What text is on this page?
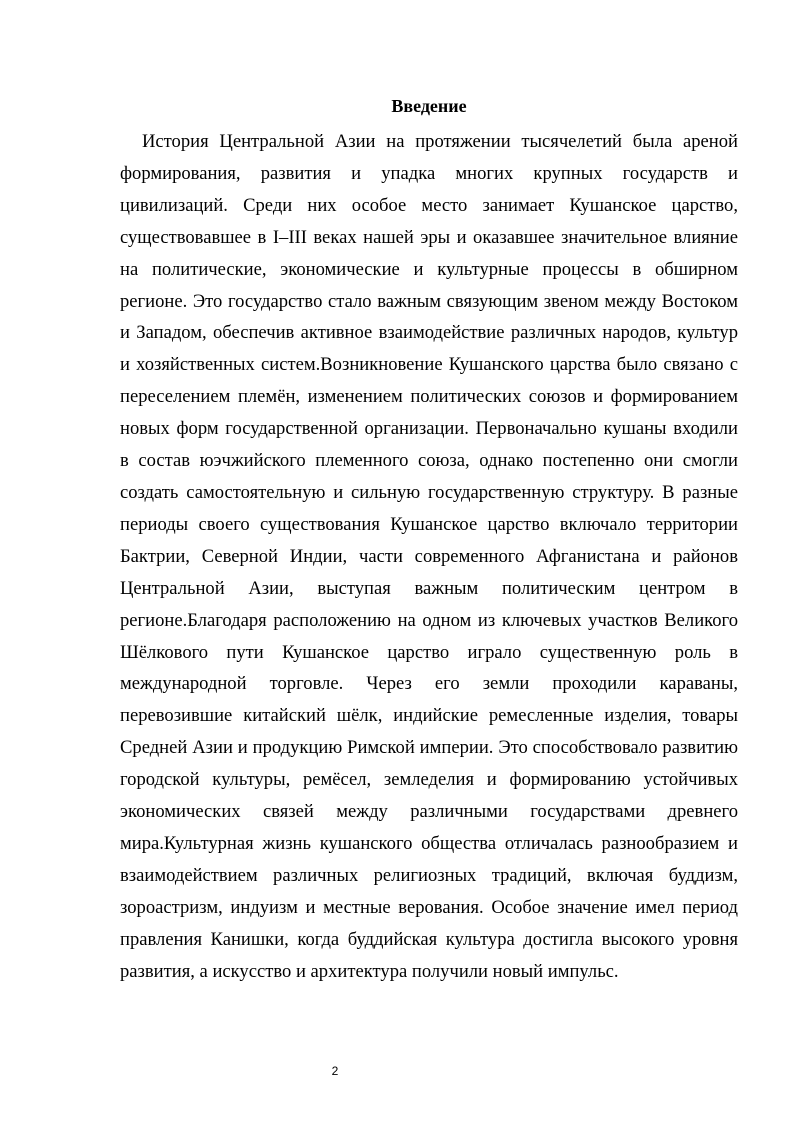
Введение

История Центральной Азии на протяжении тысячелетий была ареной формирования, развития и упадка многих крупных государств и цивилизаций. Среди них особое место занимает Кушанское царство, существовавшее в I–III веках нашей эры и оказавшее значительное влияние на политические, экономические и культурные процессы в обширном регионе. Это государство стало важным связующим звеном между Востоком и Западом, обеспечив активное взаимодействие различных народов, культур и хозяйственных систем.Возникновение Кушанского царства было связано с переселением племён, изменением политических союзов и формированием новых форм государственной организации. Первоначально кушаны входили в состав юэчжийского племенного союза, однако постепенно они смогли создать самостоятельную и сильную государственную структуру. В разные периоды своего существования Кушанское царство включало территории Бактрии, Северной Индии, части современного Афганистана и районов Центральной Азии, выступая важным политическим центром в регионе.Благодаря расположению на одном из ключевых участков Великого Шёлкового пути Кушанское царство играло существенную роль в международной торговле. Через его земли проходили караваны, перевозившие китайский шёлк, индийские ремесленные изделия, товары Средней Азии и продукцию Римской империи. Это способствовало развитию городской культуры, ремёсел, земледелия и формированию устойчивых экономических связей между различными государствами древнего мира.Культурная жизнь кушанского общества отличалась разнообразием и взаимодействием различных религиозных традиций, включая буддизм, зороастризм, индуизм и местные верования. Особое значение имел период правления Канишки, когда буддийская культура достигла высокого уровня развития, а искусство и архитектура получили новый импульс.

2
